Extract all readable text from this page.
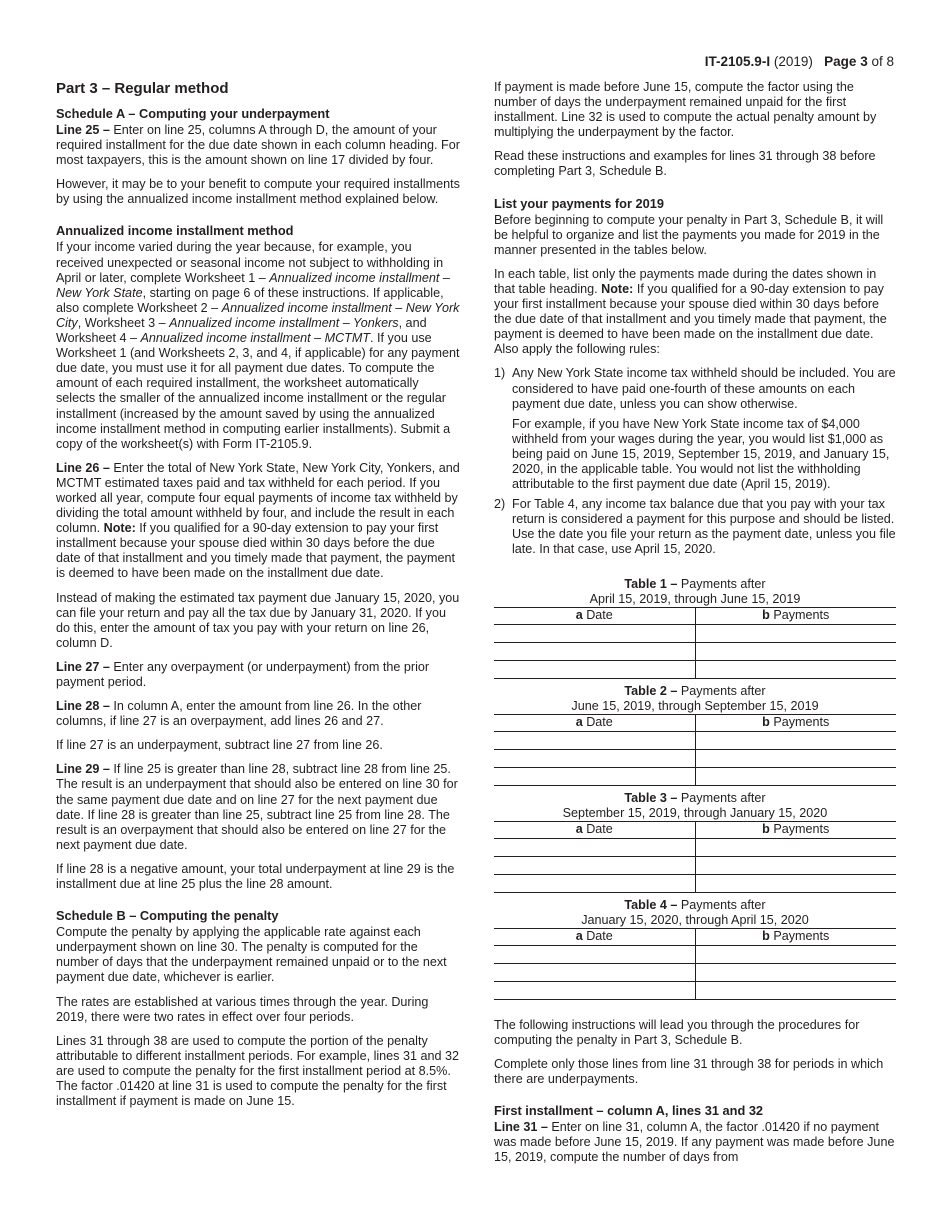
IT-2105.9-I (2019) Page 3 of 8
Part 3 – Regular method
Schedule A – Computing your underpayment

Line 25 – Enter on line 25, columns A through D, the amount of your required installment for the due date shown in each column heading. For most taxpayers, this is the amount shown on line 17 divided by four.

However, it may be to your benefit to compute your required installments by using the annualized income installment method explained below.

Annualized income installment method

If your income varied during the year because, for example, you received unexpected or seasonal income not subject to withholding in April or later, complete Worksheet 1 – Annualized income installment – New York State, starting on page 6 of these instructions. If applicable, also complete Worksheet 2 – Annualized income installment – New York City, Worksheet 3 – Annualized income installment – Yonkers, and Worksheet 4 – Annualized income installment – MCTMT. If you use Worksheet 1 (and Worksheets 2, 3, and 4, if applicable) for any payment due date, you must use it for all payment due dates. To compute the amount of each required installment, the worksheet automatically selects the smaller of the annualized income installment or the regular installment (increased by the amount saved by using the annualized income installment method in computing earlier installments). Submit a copy of the worksheet(s) with Form IT-2105.9.

Line 26 – Enter the total of New York State, New York City, Yonkers, and MCTMT estimated taxes paid and tax withheld for each period. If you worked all year, compute four equal payments of income tax withheld by dividing the total amount withheld by four, and include the result in each column. Note: If you qualified for a 90-day extension to pay your first installment because your spouse died within 30 days before the due date of that installment and you timely made that payment, the payment is deemed to have been made on the installment due date.

Instead of making the estimated tax payment due January 15, 2020, you can file your return and pay all the tax due by January 31, 2020. If you do this, enter the amount of tax you pay with your return on line 26, column D.

Line 27 – Enter any overpayment (or underpayment) from the prior payment period.

Line 28 – In column A, enter the amount from line 26. In the other columns, if line 27 is an overpayment, add lines 26 and 27.

If line 27 is an underpayment, subtract line 27 from line 26.

Line 29 – If line 25 is greater than line 28, subtract line 28 from line 25. The result is an underpayment that should also be entered on line 30 for the same payment due date and on line 27 for the next payment due date. If line 28 is greater than line 25, subtract line 25 from line 28. The result is an overpayment that should also be entered on line 27 for the next payment due date.

If line 28 is a negative amount, your total underpayment at line 29 is the installment due at line 25 plus the line 28 amount.

Schedule B – Computing the penalty

Compute the penalty by applying the applicable rate against each underpayment shown on line 30. The penalty is computed for the number of days that the underpayment remained unpaid or to the next payment due date, whichever is earlier.

The rates are established at various times through the year. During 2019, there were two rates in effect over four periods.

Lines 31 through 38 are used to compute the portion of the penalty attributable to different installment periods. For example, lines 31 and 32 are used to compute the penalty for the first installment period at 8.5%. The factor .01420 at line 31 is used to compute the penalty for the first installment if payment is made on June 15.

If payment is made before June 15, compute the factor using the number of days the underpayment remained unpaid for the first installment. Line 32 is used to compute the actual penalty amount by multiplying the underpayment by the factor.

Read these instructions and examples for lines 31 through 38 before completing Part 3, Schedule B.

List your payments for 2019

Before beginning to compute your penalty in Part 3, Schedule B, it will be helpful to organize and list the payments you made for 2019 in the manner presented in the tables below.

In each table, list only the payments made during the dates shown in that table heading. Note: If you qualified for a 90-day extension to pay your first installment because your spouse died within 30 days before the due date of that installment and you timely made that payment, the payment is deemed to have been made on the installment due date. Also apply the following rules:

1) Any New York State income tax withheld should be included. You are considered to have paid one-fourth of these amounts on each payment due date, unless you can show otherwise.

For example, if you have New York State income tax of $4,000 withheld from your wages during the year, you would list $1,000 as being paid on June 15, 2019, September 15, 2019, and January 15, 2020, in the applicable table. You would not list the withholding attributable to the first payment due date (April 15, 2019).

2) For Table 4, any income tax balance due that you pay with your tax return is considered a payment for this purpose and should be listed. Use the date you file your return as the payment date, unless you file late. In that case, use April 15, 2020.

Table 1 – Payments after
April 15, 2019, through June 15, 2019	
a Date	b Payments

Table 2 – Payments after
June 15, 2019, through September 15, 2019	
a Date	b Payments

Table 3 – Payments after
September 15, 2019, through January 15, 2020	
a Date	b Payments

Table 4 – Payments after
January 15, 2020, through April 15, 2020	
a Date	b Payments

The following instructions will lead you through the procedures for computing the penalty in Part 3, Schedule B.

Complete only those lines from line 31 through 38 for periods in which there are underpayments.

First installment – column A, lines 31 and 32

Line 31 – Enter on line 31, column A, the factor .01420 if no payment was made before June 15, 2019. If any payment was made before June 15, 2019, compute the number of days from
